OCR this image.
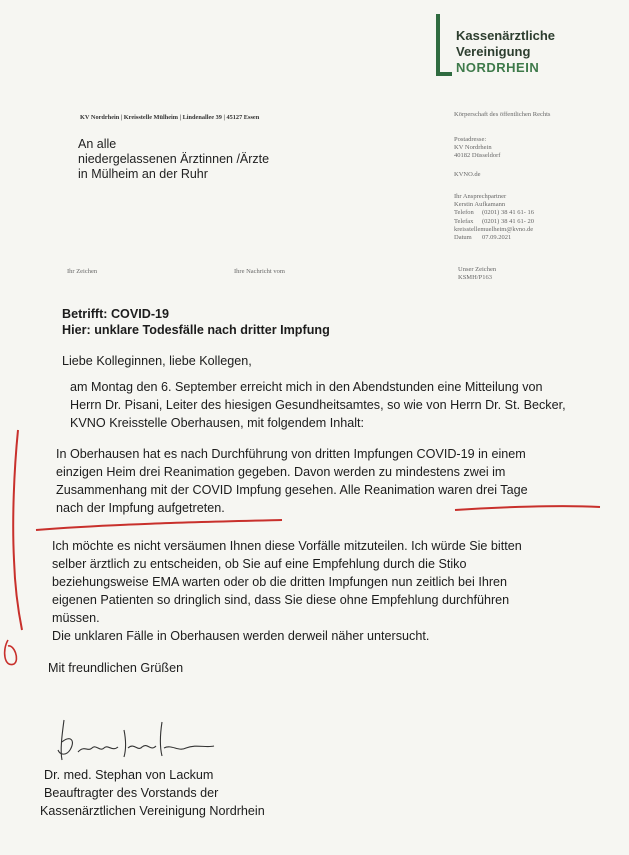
Kassenärztliche
Vereinigung
NORDRHEIN
KV Nordrhein | Kreisstelle Mülheim | Lindenallee 39 | 45127 Essen
An alle
niedergelassenen Ärztinnen /Ärzte
in Mülheim an der Ruhr
Körperschaft des öffentlichen Rechts
Postadresse:
KV Nordrhein
40182 Düsseldorf
KVNO.de
Ihr Ansprechpartner
Kerstin Aufkamann
Telefon	(0201) 38 41 61- 16
Telefax	(0201) 38 41 61- 20
kreisstellemuelheim@kvno.de
Datum	07.09.2021
Ihr Zeichen	Ihre Nachricht vom	Unser Zeichen
KSMH/P163
Betrifft: COVID-19
Hier: unklare Todesfälle nach dritter Impfung
Liebe Kolleginnen, liebe Kollegen,
am Montag den 6. September erreicht mich in den Abendstunden eine Mitteilung von
Herrn Dr. Pisani, Leiter des hiesigen Gesundheitsamtes, so wie von Herrn Dr. St. Becker,
KVNO Kreisstelle Oberhausen, mit folgendem Inhalt:
In Oberhausen hat es nach Durchführung von dritten Impfungen COVID-19 in einem
einzigen Heim drei Reanimation gegeben. Davon werden zu mindestens zwei im
Zusammenhang mit der COVID Impfung gesehen. Alle Reanimation waren drei Tage
nach der Impfung aufgetreten.
Ich möchte es nicht versäumen Ihnen diese Vorfälle mitzuteilen. Ich würde Sie bitten
selber ärztlich zu entscheiden, ob Sie auf eine Empfehlung durch die Stiko
beziehungsweise EMA warten oder ob die dritten Impfungen nun zeitlich bei Ihren
eigenen Patienten so dringlich sind, dass Sie diese ohne Empfehlung durchführen
müssen.
Die unklaren Fälle in Oberhausen werden derweil näher untersucht.
Mit freundlichen Grüßen
Dr. med. Stephan von Lackum
Beauftragter des Vorstands der
Kassenärztlichen Vereinigung Nordrhein
